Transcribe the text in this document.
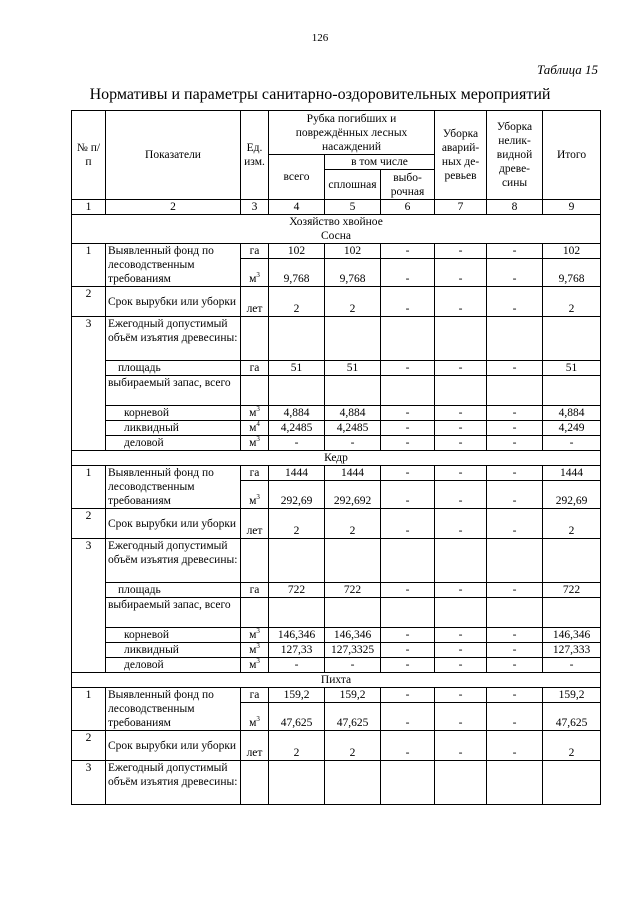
126
Таблица 15
Нормативы и параметры санитарно-оздоровительных мероприятий
№ п/п	Показатели	Ед. изм.	Рубка погибших и повреждённых лесных насаждений			Уборка аварий-ных де-ревьев	Уборка нелик-видной древе-сины	Итого
			всего	в том числе				
				сплошная	выбо-рочная			
1	2	3	4	5	6	7	8	9
Хозяйство хвойное
Сосна								
1	Выявленный фонд по лесоводственным требованиям	га	102	102	-	-	-	102
		$м^3$	9,768	9,768	-	-	-	9,768
2	Срок вырубки или уборки	лет	2	2	-	-	-	2
3	Ежегодный допустимый объём изъятия древесины:							
	площадь	га	51	51	-	-	-	51
	выбираемый запас, всего							
	корневой	$м^3$	4,884	4,884	-	-	-	4,884
	ликвидный	$м^4$	4,2485	4,2485	-	-	-	4,249
	деловой	$м^3$	-	-	-	-	-	-
Кедр								
1	Выявленный фонд по лесоводственным требованиям	га	1444	1444	-	-	-	1444
		$м^3$	292,69	292,692	-	-	-	292,69
2	Срок вырубки или уборки	лет	2	2	-	-	-	2
3	Ежегодный допустимый объём изъятия древесины:							
	площадь	га	722	722	-	-	-	722
	выбираемый запас, всего							
	корневой	$м^3$	146,346	146,346	-	-	-	146,346
	ликвидный	$м^3$	127,33	127,3325	-	-	-	127,333
	деловой	$м^3$	-	-	-	-	-	-
Пихта								
1	Выявленный фонд по лесоводственным требованиям	га	159,2	159,2	-	-	-	159,2
		$м^3$	47,625	47,625	-	-	-	47,625
2	Срок вырубки или уборки	лет	2	2	-	-	-	2
3	Ежегодный допустимый объём изъятия древесины:							
